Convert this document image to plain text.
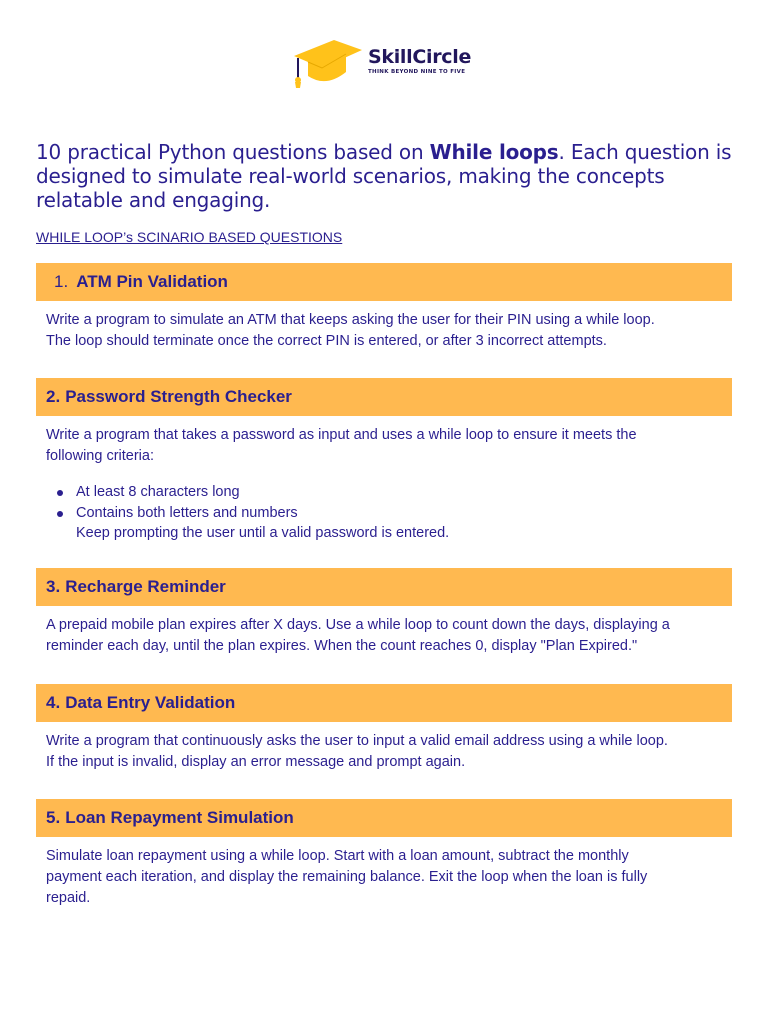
SkillCircle
THINK BEYOND NINE TO FIVE
10 practical Python questions based on While loops. Each question is designed to simulate real-world scenarios, making the concepts relatable and engaging.
WHILE LOOP’s SCINARIO BASED QUESTIONS
1. ATM Pin Validation
Write a program to simulate an ATM that keeps asking the user for their PIN using a while loop.
The loop should terminate once the correct PIN is entered, or after 3 incorrect attempts.
2. Password Strength Checker
Write a program that takes a password as input and uses a while loop to ensure it meets the
following criteria:
At least 8 characters long
Contains both letters and numbers
Keep prompting the user until a valid password is entered.
3. Recharge Reminder
A prepaid mobile plan expires after X days. Use a while loop to count down the days, displaying a
reminder each day, until the plan expires. When the count reaches 0, display "Plan Expired."
4. Data Entry Validation
Write a program that continuously asks the user to input a valid email address using a while loop.
If the input is invalid, display an error message and prompt again.
5. Loan Repayment Simulation
Simulate loan repayment using a while loop. Start with a loan amount, subtract the monthly
payment each iteration, and display the remaining balance. Exit the loop when the loan is fully
repaid.
